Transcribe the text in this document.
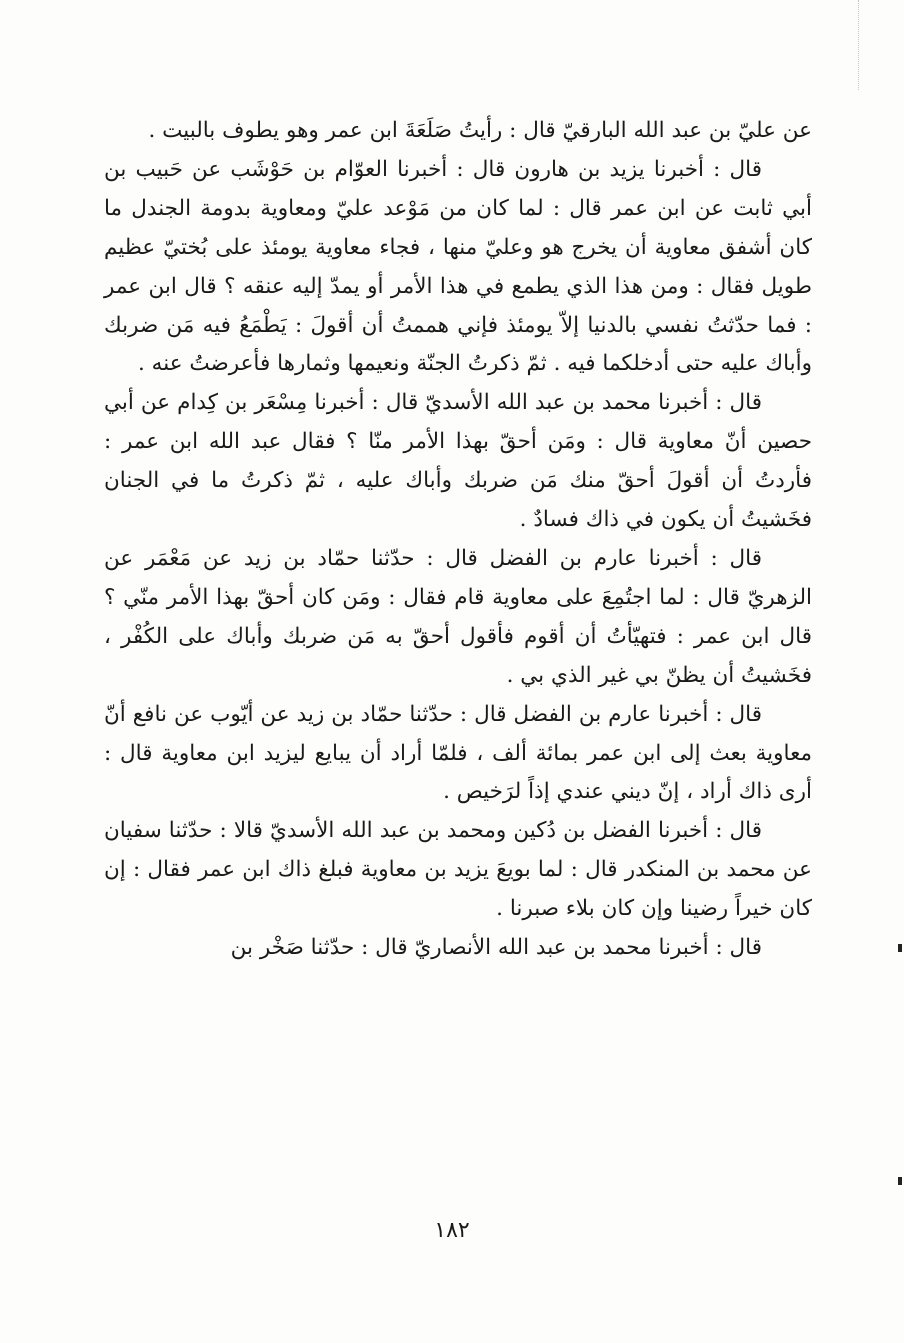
عن عليّ بن عبد الله البارقيّ قال : رأيتُ صَلَعَةَ ابن عمر وهو يطوف بالبيت .

قال : أخبرنا يزيد بن هارون قال : أخبرنا العوّام بن حَوْشَب عن حَبيب بن أبي ثابت عن ابن عمر قال : لما كان من مَوْعد عليّ ومعاوية بدومة الجندل ما كان أشفق معاوية أن يخرج هو وعليّ منها ، فجاء معاوية يومئذ على بُختيّ عظيم طويل فقال : ومن هذا الذي يطمع في هذا الأمر أو يمدّ إليه عنقه ؟ قال ابن عمر : فما حدّثتُ نفسي بالدنيا إلاّ يومئذ فإني هممتُ أن أقولَ : يَطْمَعُ فيه مَن ضربك وأباك عليه حتى أدخلكما فيه . ثمّ ذكرتُ الجنّة ونعيمها وثمارها فأعرضتُ عنه .

قال : أخبرنا محمد بن عبد الله الأسديّ قال : أخبرنا مِسْعَر بن كِدام عن أبي حصين أنّ معاوية قال : ومَن أحقّ بهذا الأمر منّا ؟ فقال عبد الله ابن عمر : فأردتُ أن أقولَ أحقّ منك مَن ضربك وأباك عليه ، ثمّ ذكرتُ ما في الجنان فخَشيتُ أن يكون في ذاك فسادٌ .

قال : أخبرنا عارم بن الفضل قال : حدّثنا حمّاد بن زيد عن مَعْمَر عن الزهريّ قال : لما اجتُمِعَ على معاوية قام فقال : ومَن كان أحقّ بهذا الأمر منّي ؟ قال ابن عمر : فتهيّأتُ أن أقوم فأقول أحقّ به مَن ضربك وأباك على الكُفْر ، فخَشيتُ أن يظنّ بي غير الذي بي .

قال : أخبرنا عارم بن الفضل قال : حدّثنا حمّاد بن زيد عن أيّوب عن نافع أنّ معاوية بعث إلى ابن عمر بمائة ألف ، فلمّا أراد أن يبايع ليزيد ابن معاوية قال : أرى ذاك أراد ، إنّ ديني عندي إذاً لرَخيص .

قال : أخبرنا الفضل بن دُكين ومحمد بن عبد الله الأسديّ قالا : حدّثنا سفيان عن محمد بن المنكدر قال : لما بويعَ يزيد بن معاوية فبلغ ذاك ابن عمر فقال : إن كان خيراً رضينا وإن كان بلاء صبرنا .

قال : أخبرنا محمد بن عبد الله الأنصاريّ قال : حدّثنا صَخْر بن

١٨٢
